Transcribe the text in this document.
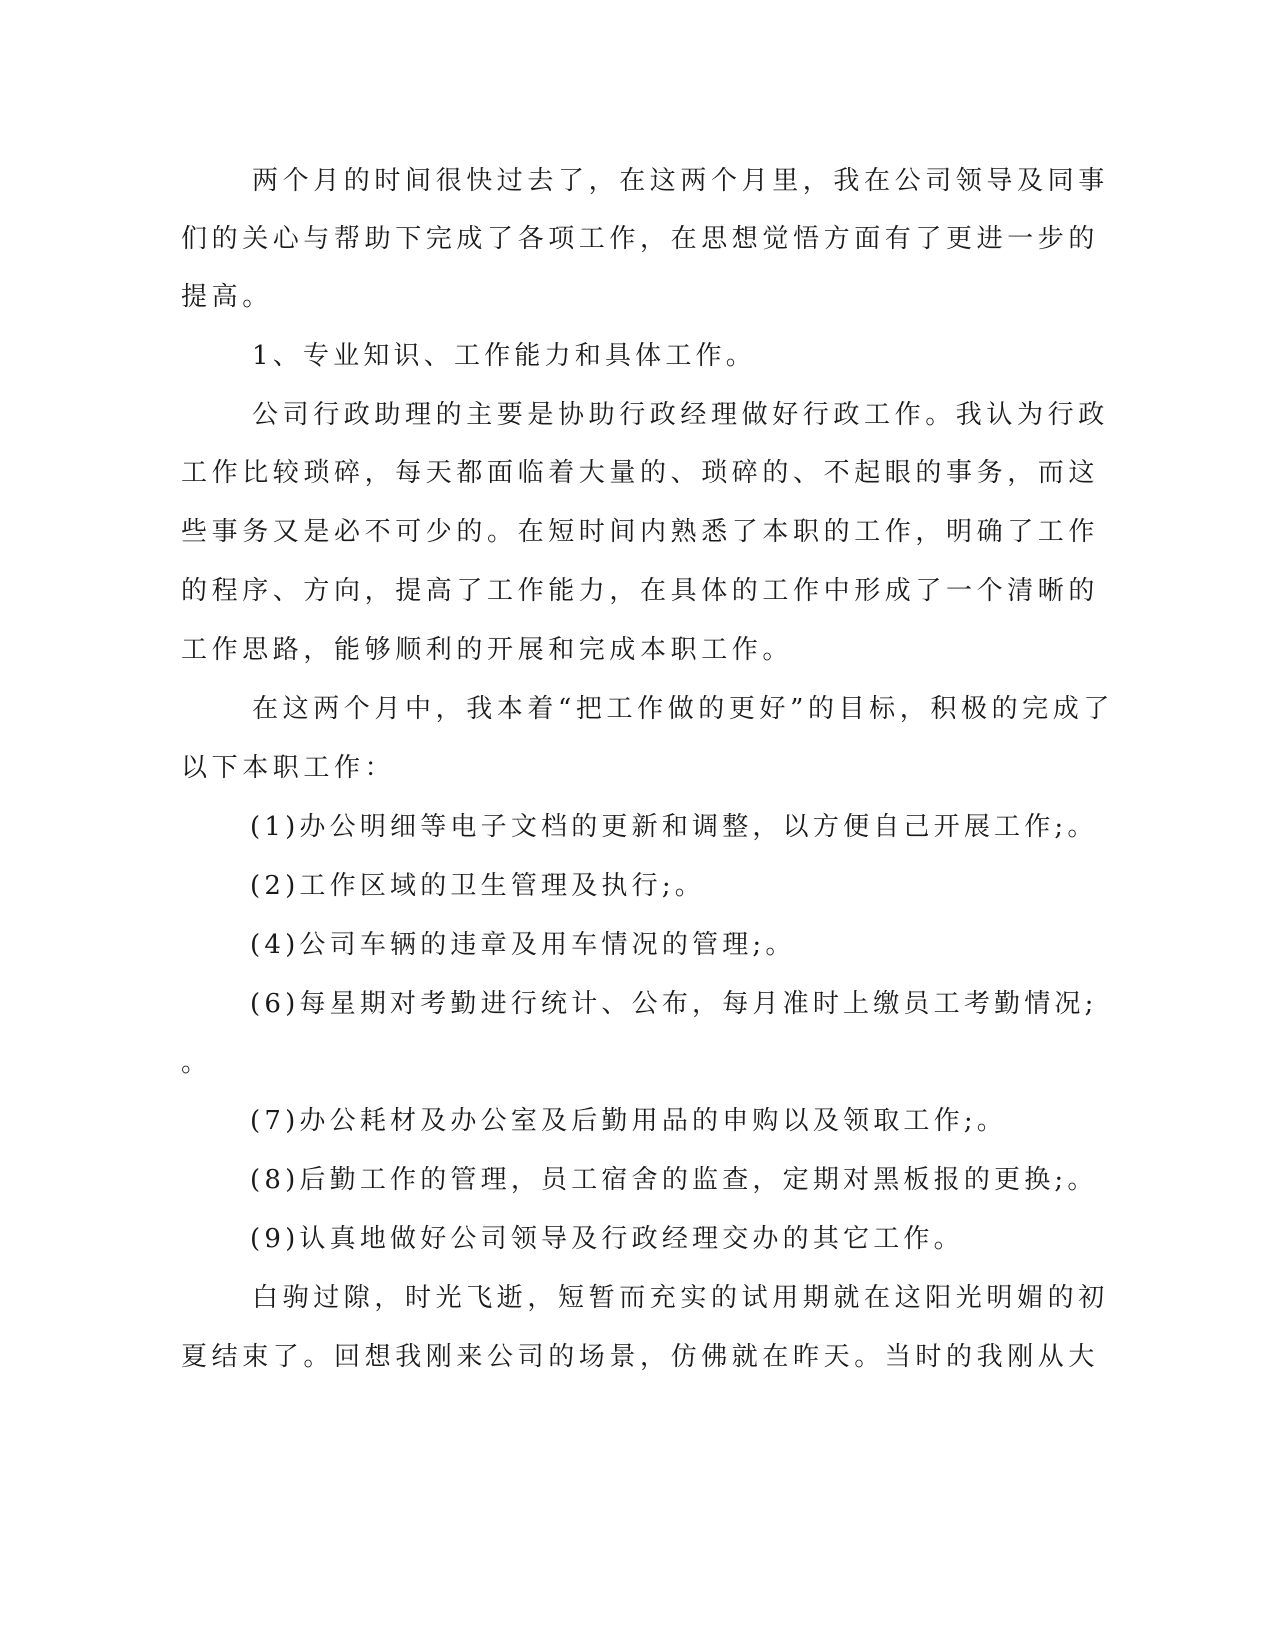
两个月的时间很快过去了，在这两个月里，我在公司领导及同事
们的关心与帮助下完成了各项工作，在思想觉悟方面有了更进一步的
提高。
1、专业知识、工作能力和具体工作。
公司行政助理的主要是协助行政经理做好行政工作。我认为行政
工作比较琐碎，每天都面临着大量的、琐碎的、不起眼的事务，而这
些事务又是必不可少的。在短时间内熟悉了本职的工作，明确了工作
的程序、方向，提高了工作能力，在具体的工作中形成了一个清晰的
工作思路，能够顺利的开展和完成本职工作。
在这两个月中，我本着“把工作做的更好”的目标，积极的完成了
以下本职工作：
(1)办公明细等电子文档的更新和调整，以方便自己开展工作;。
(2)工作区域的卫生管理及执行;。
(4)公司车辆的违章及用车情况的管理;。
(6)每星期对考勤进行统计、公布，每月准时上缴员工考勤情况;
。
(7)办公耗材及办公室及后勤用品的申购以及领取工作;。
(8)后勤工作的管理，员工宿舍的监查，定期对黑板报的更换;。
(9)认真地做好公司领导及行政经理交办的其它工作。
白驹过隙，时光飞逝，短暂而充实的试用期就在这阳光明媚的初
夏结束了。回想我刚来公司的场景，仿佛就在昨天。当时的我刚从大
